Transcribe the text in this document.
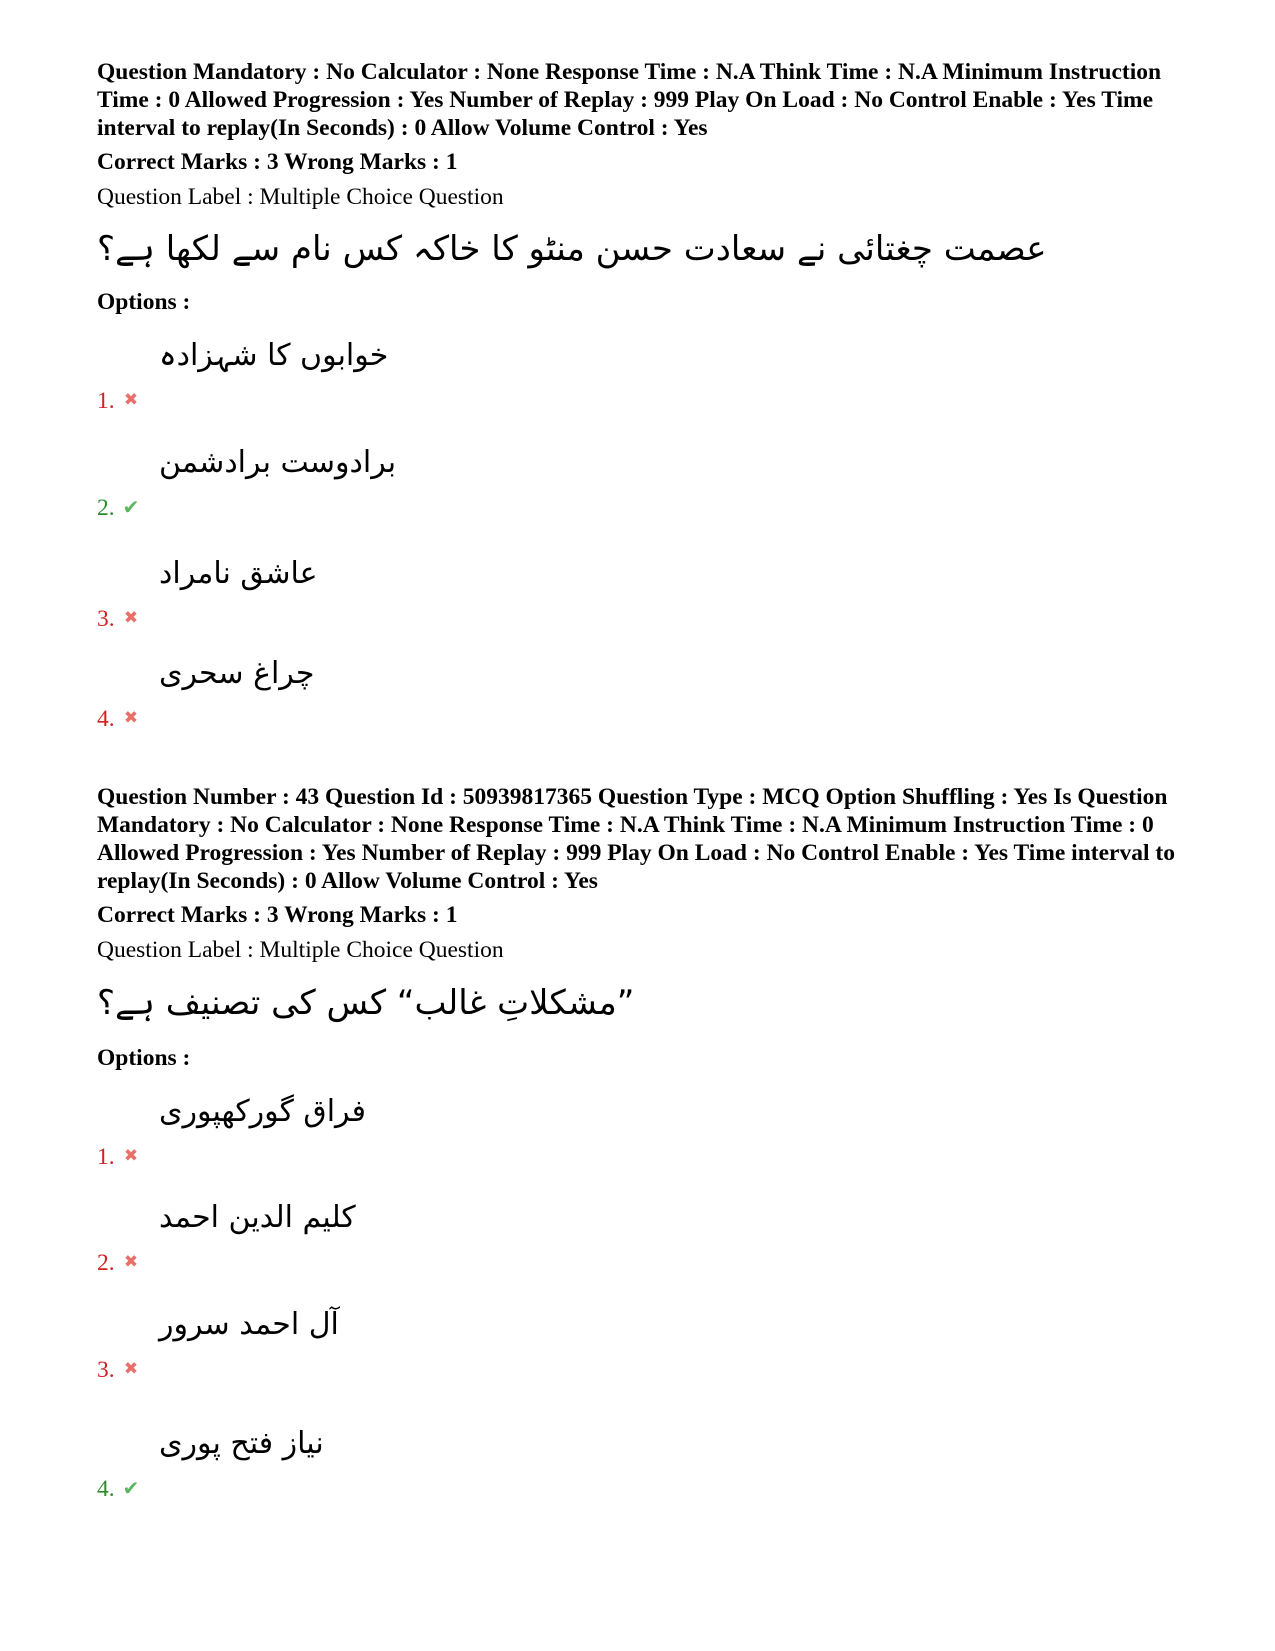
Question Mandatory : No Calculator : None Response Time : N.A Think Time : N.A Minimum Instruction Time : 0 Allowed Progression : Yes Number of Replay : 999 Play On Load : No Control Enable : Yes Time interval to replay(In Seconds) : 0 Allow Volume Control : Yes

Correct Marks : 3 Wrong Marks : 1

Question Label : Multiple Choice Question

عصمت چغتائی نے سعادت حسن منٹو کا خاکہ کس نام سے لکھا ہے؟

Options :

1. ✖
خوابوں کا شہزادہ
2. ✔
برادوست برادشمن
3. ✖
عاشق نامراد
4. ✖
چراغ سحری

Question Number : 43 Question Id : 50939817365 Question Type : MCQ Option Shuffling : Yes Is Question Mandatory : No Calculator : None Response Time : N.A Think Time : N.A Minimum Instruction Time : 0 Allowed Progression : Yes Number of Replay : 999 Play On Load : No Control Enable : Yes Time interval to replay(In Seconds) : 0 Allow Volume Control : Yes

Correct Marks : 3 Wrong Marks : 1

Question Label : Multiple Choice Question

”مشکلاتِ غالب“ کس کی تصنیف ہے؟

Options :

1. ✖
فراق گورکھپوری
2. ✖
کلیم الدین احمد
3. ✖
آل احمد سرور
4. ✔
نیاز فتح پوری
